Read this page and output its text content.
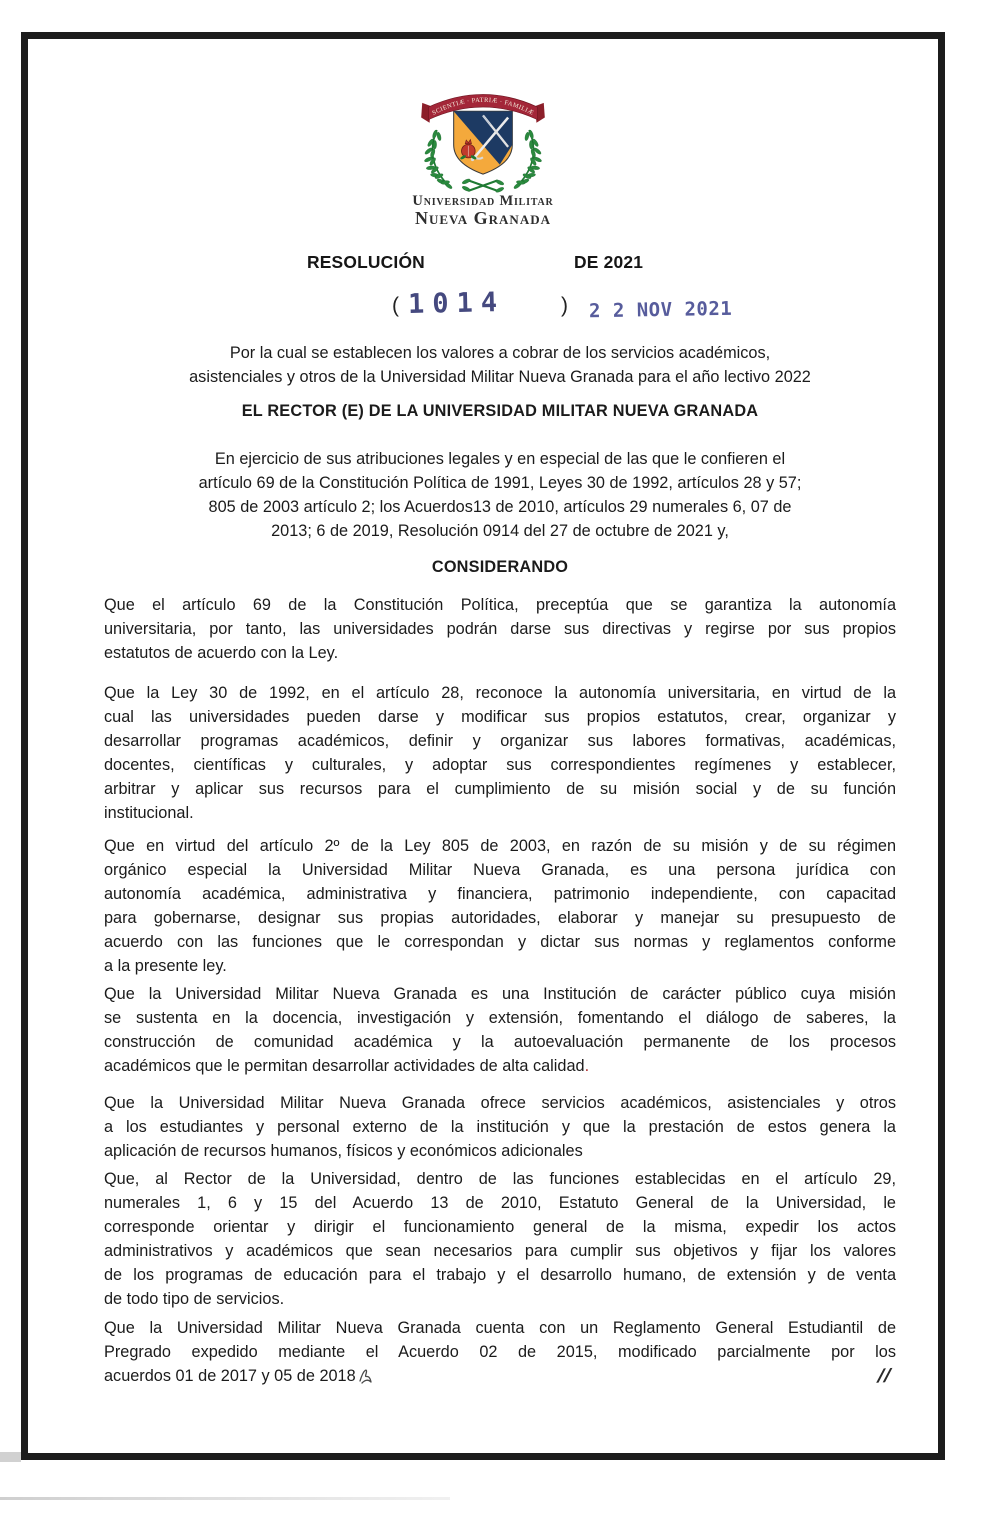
SCIENTIÆ · PATRIÆ · FAMILIÆ
Universidad Militar
Nueva Granada
RESOLUCIÓN	DE 2021
( 1014	) 2 2 NOV 2021
Por la cual se establecen los valores a cobrar de los servicios académicos,
asistenciales y otros de la Universidad Militar Nueva Granada para el año lectivo 2022
EL RECTOR (E) DE LA UNIVERSIDAD MILITAR NUEVA GRANADA
En ejercicio de sus atribuciones legales y en especial de las que le confieren el
artículo 69 de la Constitución Política de 1991, Leyes 30 de 1992, artículos 28 y 57;
805 de 2003 artículo 2; los Acuerdos13 de 2010, artículos 29 numerales 6, 07 de
2013; 6 de 2019, Resolución 0914 del 27 de octubre de 2021 y,
CONSIDERANDO
Que el artículo 69 de la Constitución Política, preceptúa que se garantiza la autonomía
universitaria, por tanto, las universidades podrán darse sus directivas y regirse por sus propios
estatutos de acuerdo con la Ley.
Que la Ley 30 de 1992, en el artículo 28, reconoce la autonomía universitaria, en virtud de la
cual las universidades pueden darse y modificar sus propios estatutos, crear, organizar y
desarrollar programas académicos, definir y organizar sus labores formativas, académicas,
docentes, científicas y culturales, y adoptar sus correspondientes regímenes y establecer,
arbitrar y aplicar sus recursos para el cumplimiento de su misión social y de su función
institucional.
Que en virtud del artículo 2º de la Ley 805 de 2003, en razón de su misión y de su régimen
orgánico especial la Universidad Militar Nueva Granada, es una persona jurídica con
autonomía académica, administrativa y financiera, patrimonio independiente, con capacitad
para gobernarse, designar sus propias autoridades, elaborar y manejar su presupuesto de
acuerdo con las funciones que le correspondan y dictar sus normas y reglamentos conforme
a la presente ley.
Que la Universidad Militar Nueva Granada es una Institución de carácter público cuya misión
se sustenta en la docencia, investigación y extensión, fomentando el diálogo de saberes, la
construcción de comunidad académica y la autoevaluación permanente de los procesos
académicos que le permitan desarrollar actividades de alta calidad.
Que la Universidad Militar Nueva Granada ofrece servicios académicos, asistenciales y otros
a los estudiantes y personal externo de la institución y que la prestación de estos genera la
aplicación de recursos humanos, físicos y económicos adicionales
Que, al Rector de la Universidad, dentro de las funciones establecidas en el artículo 29,
numerales 1, 6 y 15 del Acuerdo 13 de 2010, Estatuto General de la Universidad, le
corresponde orientar y dirigir el funcionamiento general de la misma, expedir los actos
administrativos y académicos que sean necesarios para cumplir sus objetivos y fijar los valores
de los programas de educación para el trabajo y el desarrollo humano, de extensión y de venta
de todo tipo de servicios.
Que la Universidad Militar Nueva Granada cuenta con un Reglamento General Estudiantil de
Pregrado expedido mediante el Acuerdo 02 de 2015, modificado parcialmente por los
acuerdos 01 de 2017 y 05 de 2018	//
